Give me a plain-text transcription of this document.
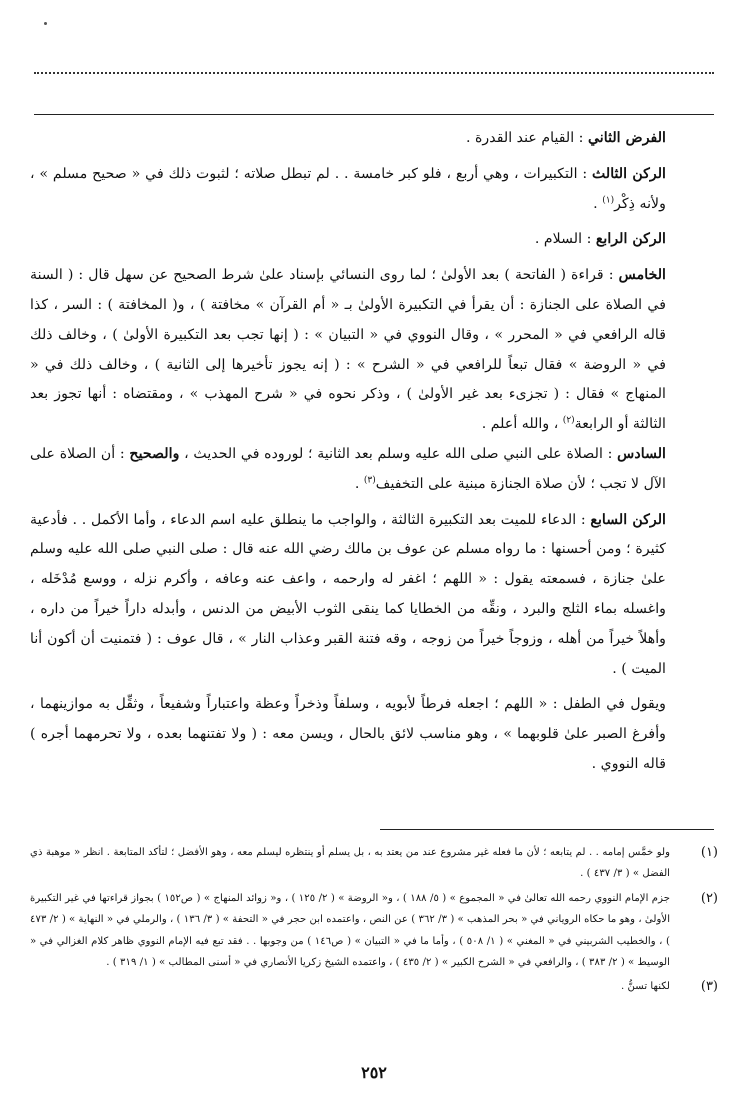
الفرض الثاني : القيام عند القدرة .

الركن الثالث : التكبيرات ، وهي أربع ، فلو كبر خامسة . . لم تبطل صلاته ؛ لثبوت ذلك في « صحيح مسلم » ، ولأنه ذِكْر$^{(١)}$ .

الركن الرابع : السلام .

الخامس : قراءة ( الفاتحة ) بعد الأولىٰ ؛ لما روى النسائي بإسناد علىٰ شرط الصحيح عن سهل قال : ( السنة في الصلاة على الجنازة : أن يقرأ في التكبيرة الأولىٰ بـ « أم القرآن » مخافتة ) ، و( المخافتة ) : السر ، كذا قاله الرافعي في « المحرر » ، وقال النووي في « التبيان » : ( إنها تجب بعد التكبيرة الأولىٰ ) ، وخالف ذلك في « الروضة » فقال تبعاً للرافعي في « الشرح » : ( إنه يجوز تأخيرها إلى الثانية ) ، وخالف ذلك في « المنهاج » فقال : ( تجزىء بعد غير الأولىٰ ) ، وذكر نحوه في « شرح المهذب » ، ومقتضاه : أنها تجوز بعد الثالثة أو الرابعة$^{(٢)}$ ، والله أعلم .

السادس : الصلاة على النبي صلى الله عليه وسلم بعد الثانية ؛ لوروده في الحديث ، والصحيح : أن الصلاة على الآل لا تجب ؛ لأن صلاة الجنازة مبنية على التخفيف$^{(٣)}$ .

الركن السابع : الدعاء للميت بعد التكبيرة الثالثة ، والواجب ما ينطلق عليه اسم الدعاء ، وأما الأكمل . . فأدعية كثيرة ؛ ومن أحسنها : ما رواه مسلم عن عوف بن مالك رضي الله عنه قال : صلى النبي صلى الله عليه وسلم علىٰ جنازة ، فسمعته يقول : « اللهم ؛ اغفر له وارحمه ، واعف عنه وعافه ، وأكرم نزله ، ووسع مُدْخَله ، واغسله بماء الثلج والبرد ، ونقِّه من الخطايا كما ينقى الثوب الأبيض من الدنس ، وأبدله داراً خيراً من داره ، وأهلاً خيراً من أهله ، وزوجاً خيراً من زوجه ، وقه فتنة القبر وعذاب النار » ، قال عوف : ( فتمنيت أن أكون أنا الميت ) .

ويقول في الطفل : « اللهم ؛ اجعله فرطاً لأبويه ، وسلفاً وذخراً وعظة واعتباراً وشفيعاً ، وثقِّل به موازينهما ، وأفرغ الصبر علىٰ قلوبهما » ، وهو مناسب لائق بالحال ، ويسن معه : ( ولا تفتنهما بعده ، ولا تحرمهما أجره ) قاله النووي .

(١)
ولو خمَّس إمامه . . لم يتابعه ؛ لأن ما فعله غير مشروع عند من يعتد به ، بل يسلم أو ينتظره ليسلم معه ، وهو الأفضل ؛ لتأكد المتابعة . انظر « موهبة ذي الفضل » ( ٣/ ٤٣٧ ) .
(٢)
جزم الإمام النووي رحمه الله تعالىٰ في « المجموع » ( ٥/ ١٨٨ ) ، و« الروضة » ( ٢/ ١٢٥ ) ، و« زوائد المنهاج » ( ص١٥٢ ) بجواز قراءتها في غير التكبيرة الأولىٰ ، وهو ما حكاه الروياني في « بحر المذهب » ( ٣/ ٣٦٢ ) عن النص ، واعتمده ابن حجر في « التحفة » ( ٣/ ١٣٦ ) ، والرملي في « النهاية » ( ٢/ ٤٧٣ ) ، والخطيب الشربيني في « المغني » ( ١/ ٥٠٨ ) ، وأما ما في « التبيان » ( ص١٤٦ ) من وجوبها . . فقد تبع فيه الإمام النووي ظاهر كلام الغزالي في « الوسيط » ( ٢/ ٣٨٣ ) ، والرافعي في « الشرح الكبير » ( ٢/ ٤٣٥ ) ، واعتمده الشيخ زكريا الأنصاري في « أسنى المطالب » ( ١/ ٣١٩ ) .
(٣)
لكنها تسنُّ .
٢٥٢
